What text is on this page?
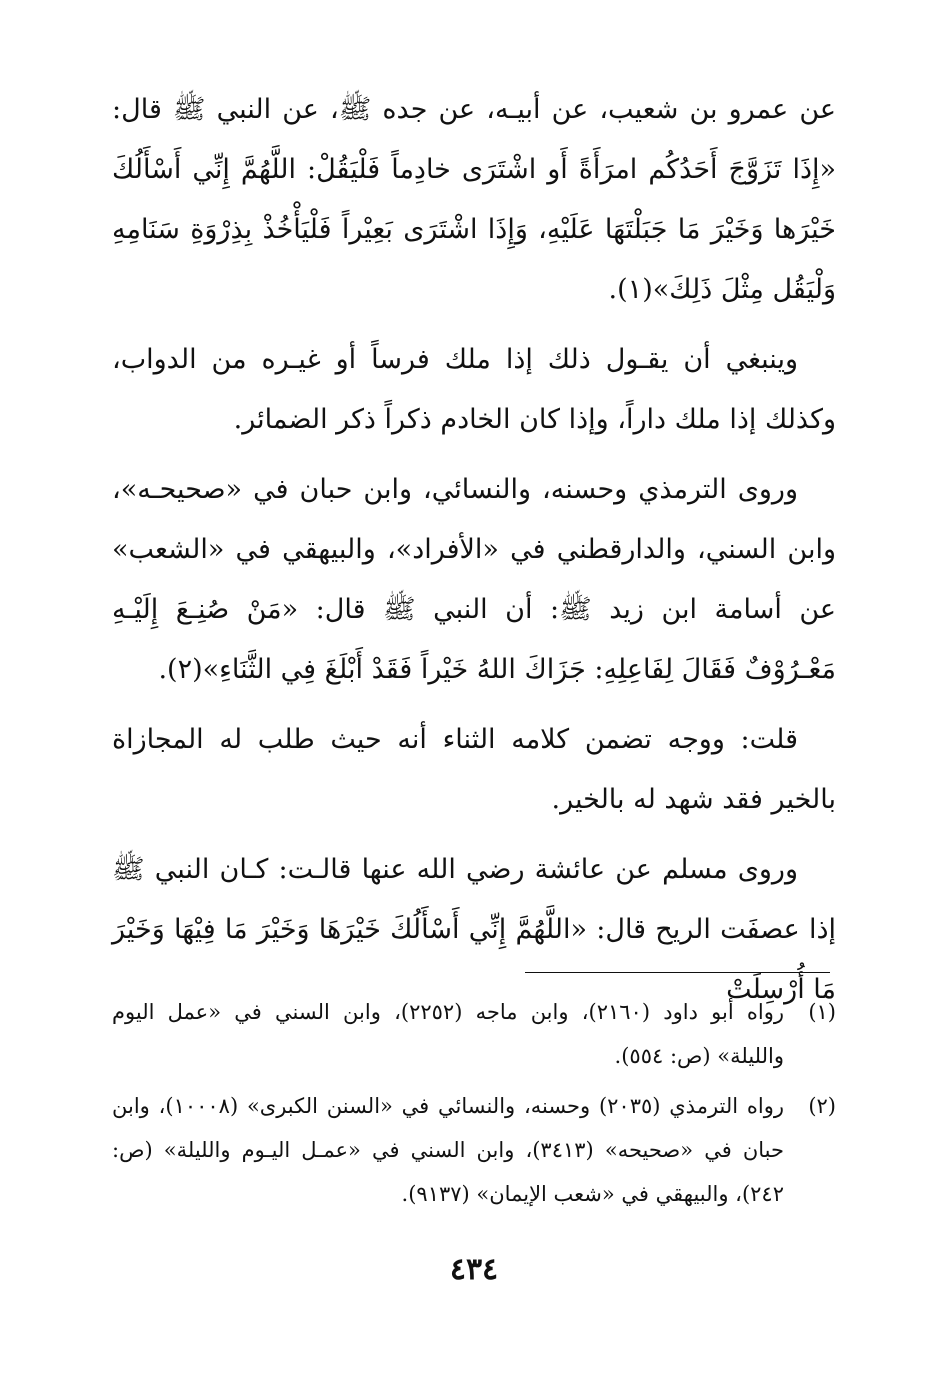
عن عمرو بن شعيب، عن أبيـه، عن جده ﷺ، عن النبي ﷺ قال: «إِذَا تَزَوَّجَ أَحَدُكُم امرَأَةً أَو اشْتَرَى خادِماً فَلْيَقُلْ: اللَّهُمَّ إِنِّي أَسْأَلُكَ خَيْرَها وَخَيْرَ مَا جَبَلْتَهَا عَلَيْهِ، وَإِذَا اشْتَرَى بَعِيْراً فَلْيَأْخُذْ بِذِرْوَةِ سَنَامِهِ وَلْيَقُل مِثْلَ ذَلِكَ»(١).

وينبغي أن يقـول ذلك إذا ملك فرساً أو غيـره من الدواب، وكذلك إذا ملك داراً، وإذا كان الخادم ذكراً ذكر الضمائر.

وروى الترمذي وحسنه، والنسائي، وابن حبان في «صحيحـه»، وابن السني، والدارقطني في «الأفراد»، والبيهقي في «الشعب» عن أسامة ابن زيد ﷺ: أن النبي ﷺ قال: «مَنْ صُنِـعَ إِلَيْـهِ مَعْـرُوْفٌ فَقَالَ لِفَاعِلِهِ: جَزَاكَ اللهُ خَيْراً فَقَدْ أَبْلَغَ فِي الثَّنَاءِ»(٢).

قلت: ووجه تضمن كلامه الثناء أنه حيث طلب له المجازاة بالخير فقد شهد له بالخير.

وروى مسلم عن عائشة رضي الله عنها قالـت: كـان النبي ﷺ إذا عصفَت الريح قال: «اللَّهُمَّ إِنِّي أَسْأَلُكَ خَيْرَهَا وَخَيْرَ مَا فِيْهَا وَخَيْرَ مَا أُرْسِلَتْ

(١)
رواه أبو داود (٢١٦٠)، وابن ماجه (٢٢٥٢)، وابن السني في «عمل اليوم والليلة» (ص: ٥٥٤).
(٢)
رواه الترمذي (٢٠٣٥) وحسنه، والنسائي في «السنن الكبرى» (١٠٠٠٨)، وابن حبان في «صحيحه» (٣٤١٣)، وابن السني في «عمـل اليـوم والليلة» (ص: ٢٤٢)، والبيهقي في «شعب الإيمان» (٩١٣٧).
٤٣٤
